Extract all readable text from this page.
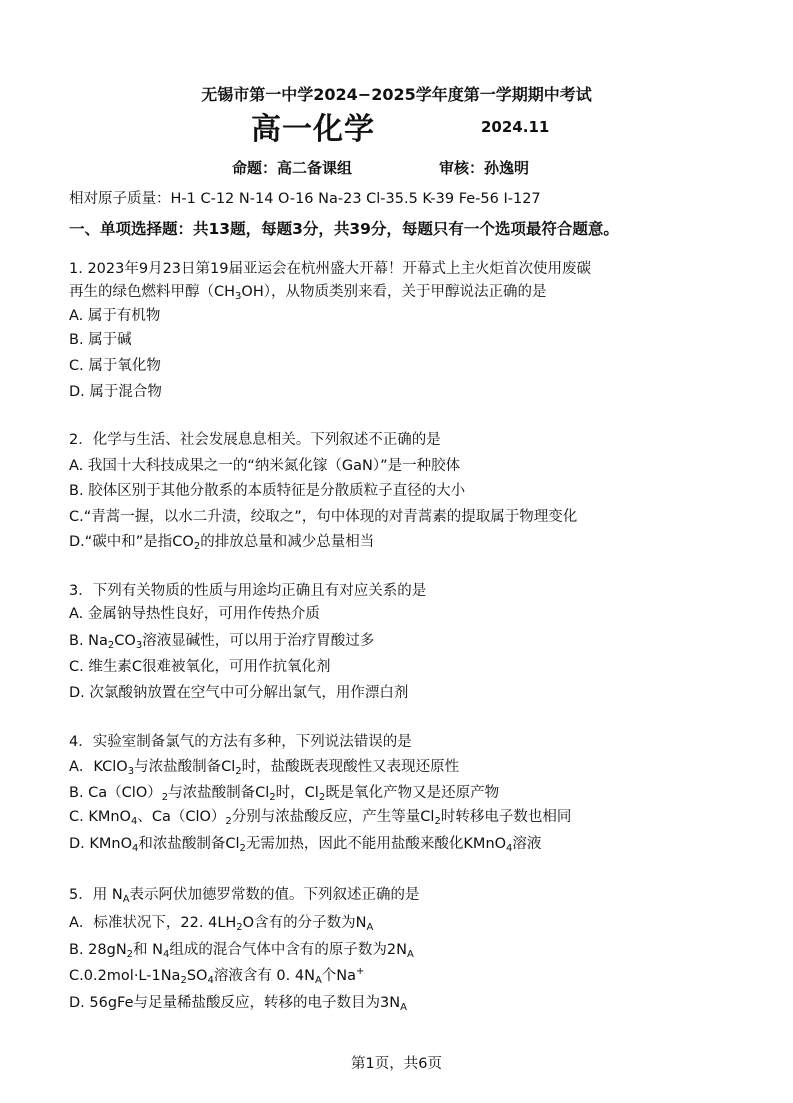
无锡市第一中学2024−2025学年度第一学期期中考试
高一化学	2024.11
命题：高二备课组	审核：孙逸明
相对原子质量：H-1 C-12 N-14 O-16 Na-23 Cl-35.5 K-39 Fe-56 I-127
一、单项选择题：共13题，每题3分，共39分，每题只有一个选项最符合题意。
1. 2023年9月23日第19届亚运会在杭州盛大开幕！开幕式上主火炬首次使用废碳
再生的绿色燃料甲醇$(CH_3OH)$，从物质类别来看，关于甲醇说法正确的是
A. 属于有机物
B. 属于碱
C. 属于氧化物
D. 属于混合物
2．化学与生活、社会发展息息相关。下列叙述不正确的是
A. 我国十大科技成果之一的“纳米氮化镓（GaN）”是一种胶体
B. 胶体区别于其他分散系的本质特征是分散质粒子直径的大小
C.“青蒿一握，以水二升渍，绞取之”，句中体现的对青蒿素的提取属于物理变化
D.“碳中和”是指$CO_2$的排放总量和减少总量相当
3．下列有关物质的性质与用途均正确且有对应关系的是
A. 金属钠导热性良好，可用作传热介质
B. $Na_2CO_3$溶液显碱性，可以用于治疗胃酸过多
C. 维生素C很难被氧化，可用作抗氧化剂
D. 次氯酸钠放置在空气中可分解出氯气，用作漂白剂
4．实验室制备氯气的方法有多种，下列说法错误的是
A．KClO$_3$与浓盐酸制备$Cl_2$时，盐酸既表现酸性又表现还原性
B. $Ca(ClO)_2$与浓盐酸制备$Cl_2$时，$Cl_2$既是氧化产物又是还原产物
C. KMnO$_4$、$Ca(ClO)_2$分别与浓盐酸反应，产生等量$Cl_2$时转移电子数也相同
D. KMnO$_4$和浓盐酸制备$Cl_2$无需加热，因此不能用盐酸来酸化KMnO$_4$溶液
5．用 $N_A$表示阿伏加德罗常数的值。下列叙述正确的是
A．标准状况下，22. $4LH_2O$含有的分子数为$N_A$
B. $28gN_2$和 $N_4$组成的混合气体中含有的原子数为$2N_A$
$C.0.2mol\cdot L-1Na_2SO_4$溶液含有 0. $4N_A$个Na+
D. 56gFe与足量稀盐酸反应，转移的电子数目为$3N_A$
第1页，共6页
